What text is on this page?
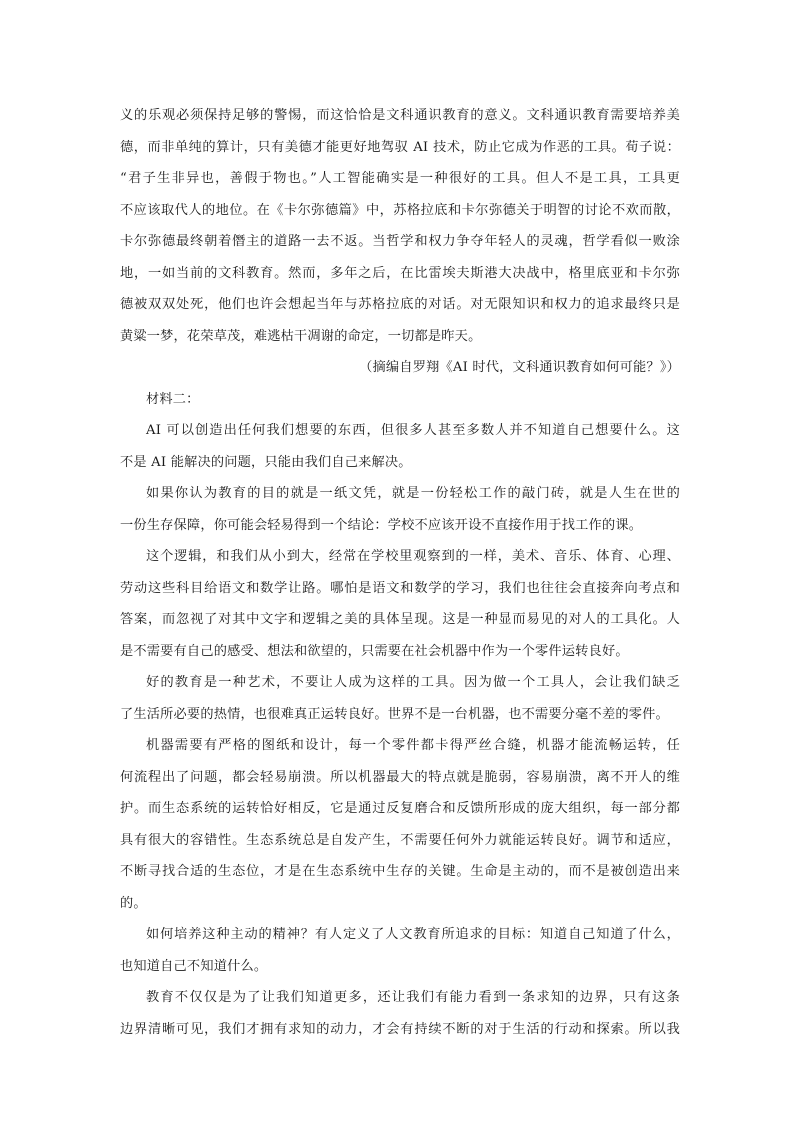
义的乐观必须保持足够的警惕，而这恰恰是文科通识教育的意义。文科通识教育需要培养美
德，而非单纯的算计，只有美德才能更好地驾驭 AI 技术，防止它成为作恶的工具。荀子说：
“君子生非异也，善假于物也。”人工智能确实是一种很好的工具。但人不是工具，工具更
不应该取代人的地位。在《卡尔弥德篇》中，苏格拉底和卡尔弥德关于明智的讨论不欢而散，
卡尔弥德最终朝着僭主的道路一去不返。当哲学和权力争夺年轻人的灵魂，哲学看似一败涂
地，一如当前的文科教育。然而，多年之后，在比雷埃夫斯港大决战中，格里底亚和卡尔弥
德被双双处死，他们也许会想起当年与苏格拉底的对话。对无限知识和权力的追求最终只是
黄粱一梦，花荣草茂，难逃枯干凋谢的命定，一切都是昨天。
（摘编自罗翔《AI 时代，文科通识教育如何可能？》）
材料二：
AI 可以创造出任何我们想要的东西，但很多人甚至多数人并不知道自己想要什么。这
不是 AI 能解决的问题，只能由我们自己来解决。
如果你认为教育的目的就是一纸文凭，就是一份轻松工作的敲门砖，就是人生在世的
一份生存保障，你可能会轻易得到一个结论：学校不应该开设不直接作用于找工作的课。
这个逻辑，和我们从小到大，经常在学校里观察到的一样，美术、音乐、体育、心理、
劳动这些科目给语文和数学让路。哪怕是语文和数学的学习，我们也往往会直接奔向考点和
答案，而忽视了对其中文字和逻辑之美的具体呈现。这是一种显而易见的对人的工具化。人
是不需要有自己的感受、想法和欲望的，只需要在社会机器中作为一个零件运转良好。
好的教育是一种艺术，不要让人成为这样的工具。因为做一个工具人，会让我们缺乏
了生活所必要的热情，也很难真正运转良好。世界不是一台机器，也不需要分毫不差的零件。
机器需要有严格的图纸和设计，每一个零件都卡得严丝合缝，机器才能流畅运转，任
何流程出了问题，都会轻易崩溃。所以机器最大的特点就是脆弱，容易崩溃，离不开人的维
护。而生态系统的运转恰好相反，它是通过反复磨合和反馈所形成的庞大组织，每一部分都
具有很大的容错性。生态系统总是自发产生，不需要任何外力就能运转良好。调节和适应，
不断寻找合适的生态位，才是在生态系统中生存的关键。生命是主动的，而不是被创造出来
的。
如何培养这种主动的精神？有人定义了人文教育所追求的目标：知道自己知道了什么，
也知道自己不知道什么。
教育不仅仅是为了让我们知道更多，还让我们有能力看到一条求知的边界，只有这条
边界清晰可见，我们才拥有求知的动力，才会有持续不断的对于生活的行动和探索。所以我
